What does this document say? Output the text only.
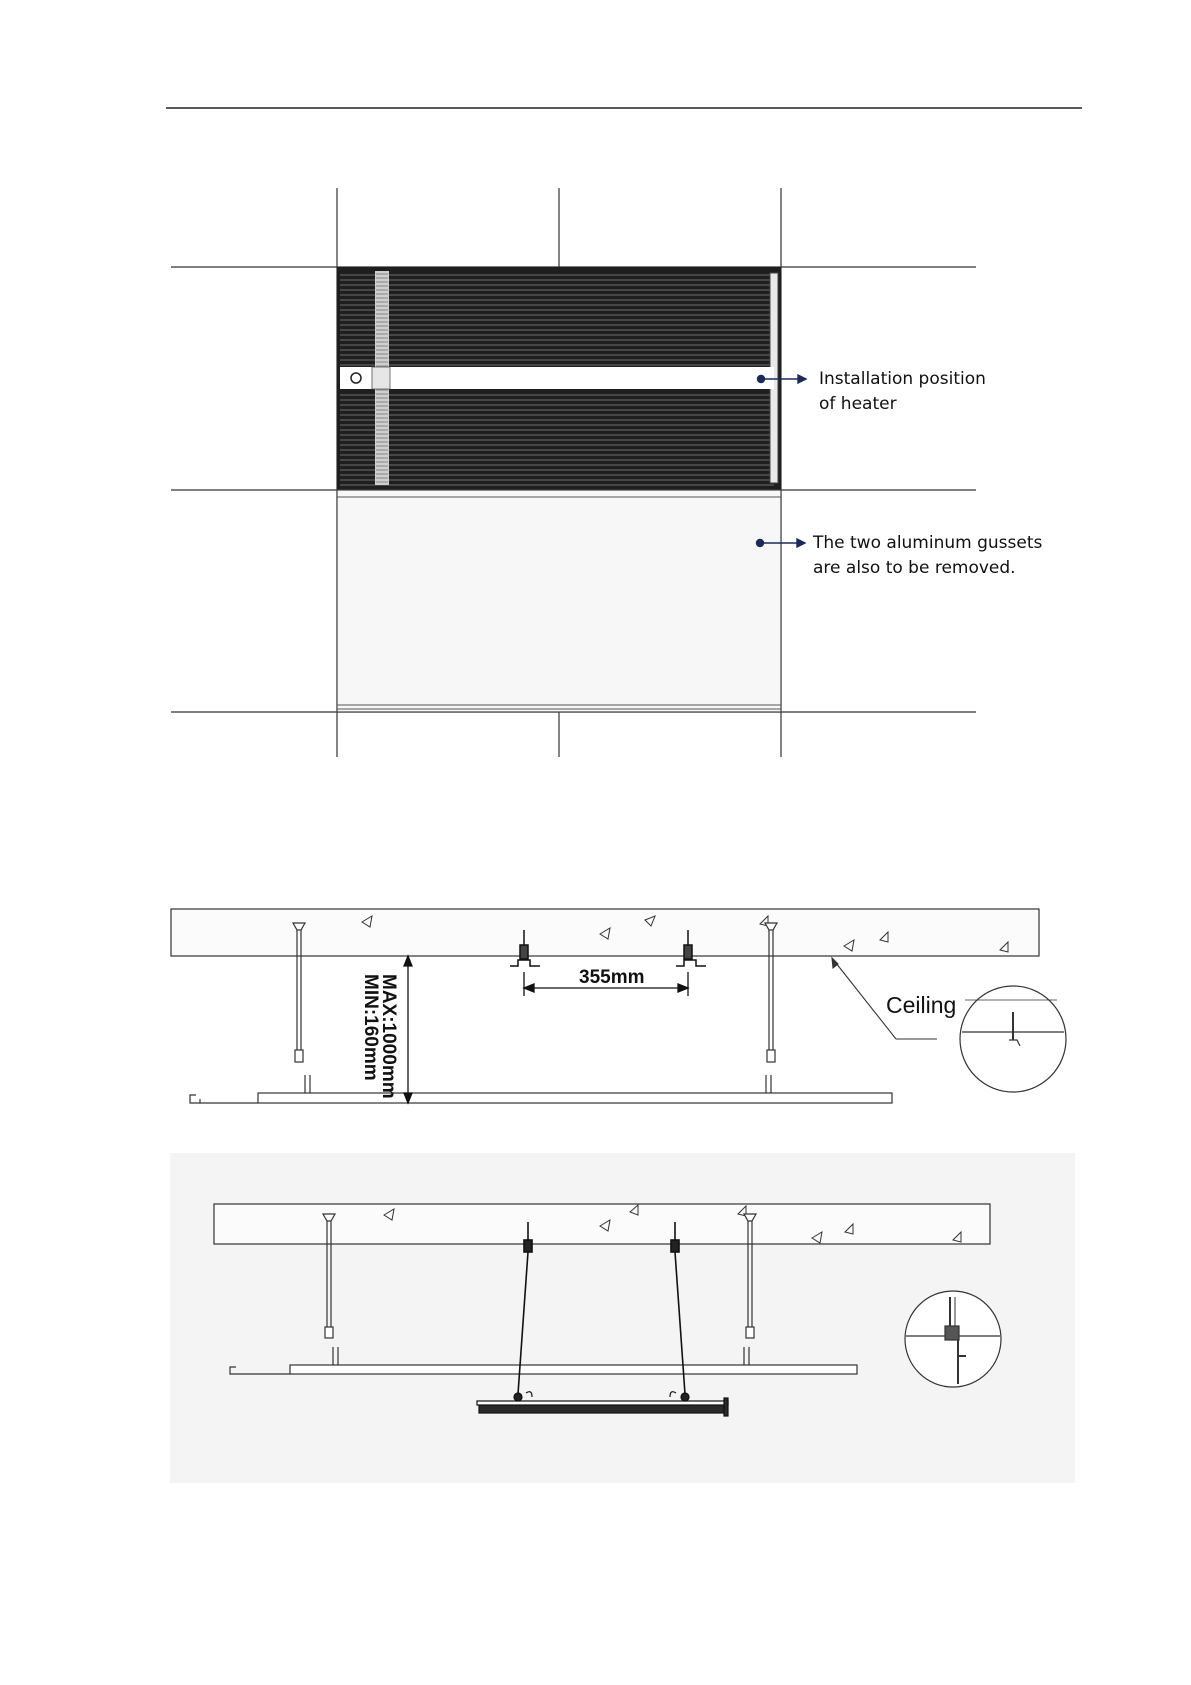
Installation position
of heater
The two aluminum gussets
are also to be removed.
355mm
MAX:1000mm
MIN:160mm	Ceiling
